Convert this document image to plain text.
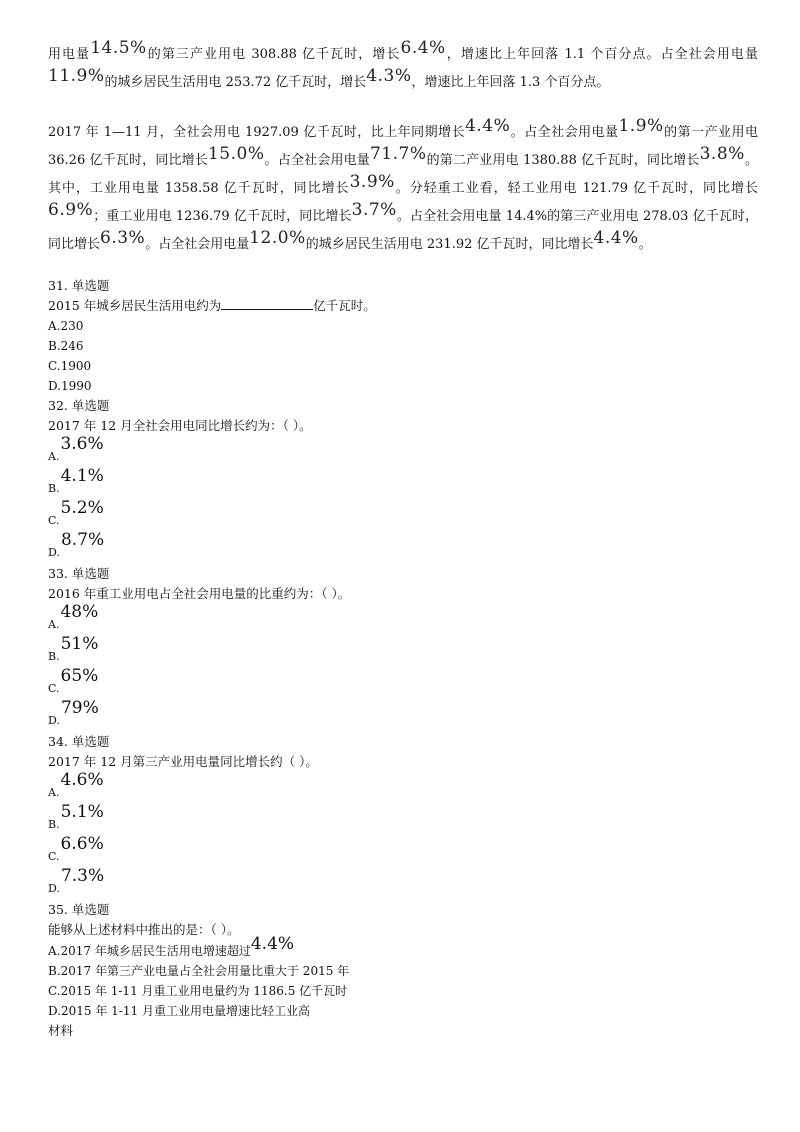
用电量14.5%的第三产业用电 308.88 亿千瓦时，增长6.4%，增速比上年回落 1.1 个百分点。占全社会用电量11.9%的城乡居民生活用电 253.72 亿千瓦时，增长4.3%，增速比上年回落 1.3 个百分点。

2017 年 1—11 月，全社会用电 1927.09 亿千瓦时，比上年同期增长4.4%。占全社会用电量1.9%的第一产业用电 36.26 亿千瓦时，同比增长15.0%。占全社会用电量71.7%的第二产业用电 1380.88 亿千瓦时，同比增长3.8%。其中，工业用电量 1358.58 亿千瓦时，同比增长3.9%。分轻重工业看，轻工业用电 121.79 亿千瓦时，同比增长6.9%；重工业用电 1236.79 亿千瓦时，同比增长3.7%。占全社会用电量 14.4%的第三产业用电 278.03 亿千瓦时，同比增长6.3%。占全社会用电量12.0%的城乡居民生活用电 231.92 亿千瓦时，同比增长4.4%。

31. 单选题
2015 年城乡居民生活用电约为	亿千瓦时。
A.230
B.246
C.1900
D.1990
32. 单选题
2017 年 12 月全社会用电同比增长约为：（ ）。
A.3.6%
B.4.1%
C.5.2%
D.8.7%
33. 单选题
2016 年重工业用电占全社会用电量的比重约为：（ ）。
A.48%
B.51%
C.65%
D.79%
34. 单选题
2017 年 12 月第三产业用电量同比增长约（ ）。
A.4.6%
B.5.1%
C.6.6%
D.7.3%
35. 单选题
能够从上述材料中推出的是：（ ）。
A.2017 年城乡居民生活用电增速超过4.4%
B.2017 年第三产业电量占全社会用量比重大于 2015 年
C.2015 年 1-11 月重工业用电量约为 1186.5 亿千瓦时
D.2015 年 1-11 月重工业用电量增速比轻工业高
材料
